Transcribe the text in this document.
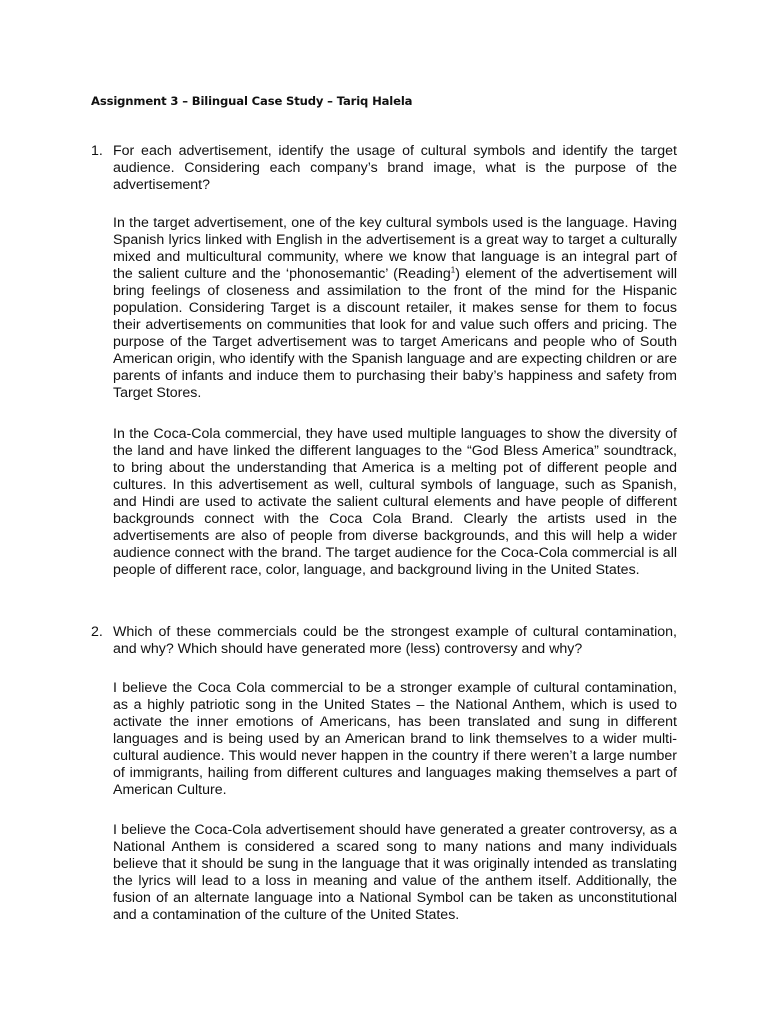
Assignment 3 – Bilingual Case Study – Tariq Halela
1. For each advertisement, identify the usage of cultural symbols and identify the target audience. Considering each company’s brand image, what is the purpose of the advertisement?

In the target advertisement, one of the key cultural symbols used is the language. Having Spanish lyrics linked with English in the advertisement is a great way to target a culturally mixed and multicultural community, where we know that language is an integral part of the salient culture and the ‘phonosemantic’ (Reading$^1$) element of the advertisement will bring feelings of closeness and assimilation to the front of the mind for the Hispanic population. Considering Target is a discount retailer, it makes sense for them to focus their advertisements on communities that look for and value such offers and pricing. The purpose of the Target advertisement was to target Americans and people who of South American origin, who identify with the Spanish language and are expecting children or are parents of infants and induce them to purchasing their baby’s happiness and safety from Target Stores.

In the Coca-Cola commercial, they have used multiple languages to show the diversity of the land and have linked the different languages to the “God Bless America” soundtrack, to bring about the understanding that America is a melting pot of different people and cultures. In this advertisement as well, cultural symbols of language, such as Spanish, and Hindi are used to activate the salient cultural elements and have people of different backgrounds connect with the Coca Cola Brand. Clearly the artists used in the advertisements are also of people from diverse backgrounds, and this will help a wider audience connect with the brand. The target audience for the Coca-Cola commercial is all people of different race, color, language, and background living in the United States.

2. Which of these commercials could be the strongest example of cultural contamination, and why? Which should have generated more (less) controversy and why?

I believe the Coca Cola commercial to be a stronger example of cultural contamination, as a highly patriotic song in the United States – the National Anthem, which is used to activate the inner emotions of Americans, has been translated and sung in different languages and is being used by an American brand to link themselves to a wider multi-cultural audience. This would never happen in the country if there weren’t a large number of immigrants, hailing from different cultures and languages making themselves a part of American Culture.

I believe the Coca-Cola advertisement should have generated a greater controversy, as a National Anthem is considered a scared song to many nations and many individuals believe that it should be sung in the language that it was originally intended as translating the lyrics will lead to a loss in meaning and value of the anthem itself. Additionally, the fusion of an alternate language into a National Symbol can be taken as unconstitutional and a contamination of the culture of the United States.
